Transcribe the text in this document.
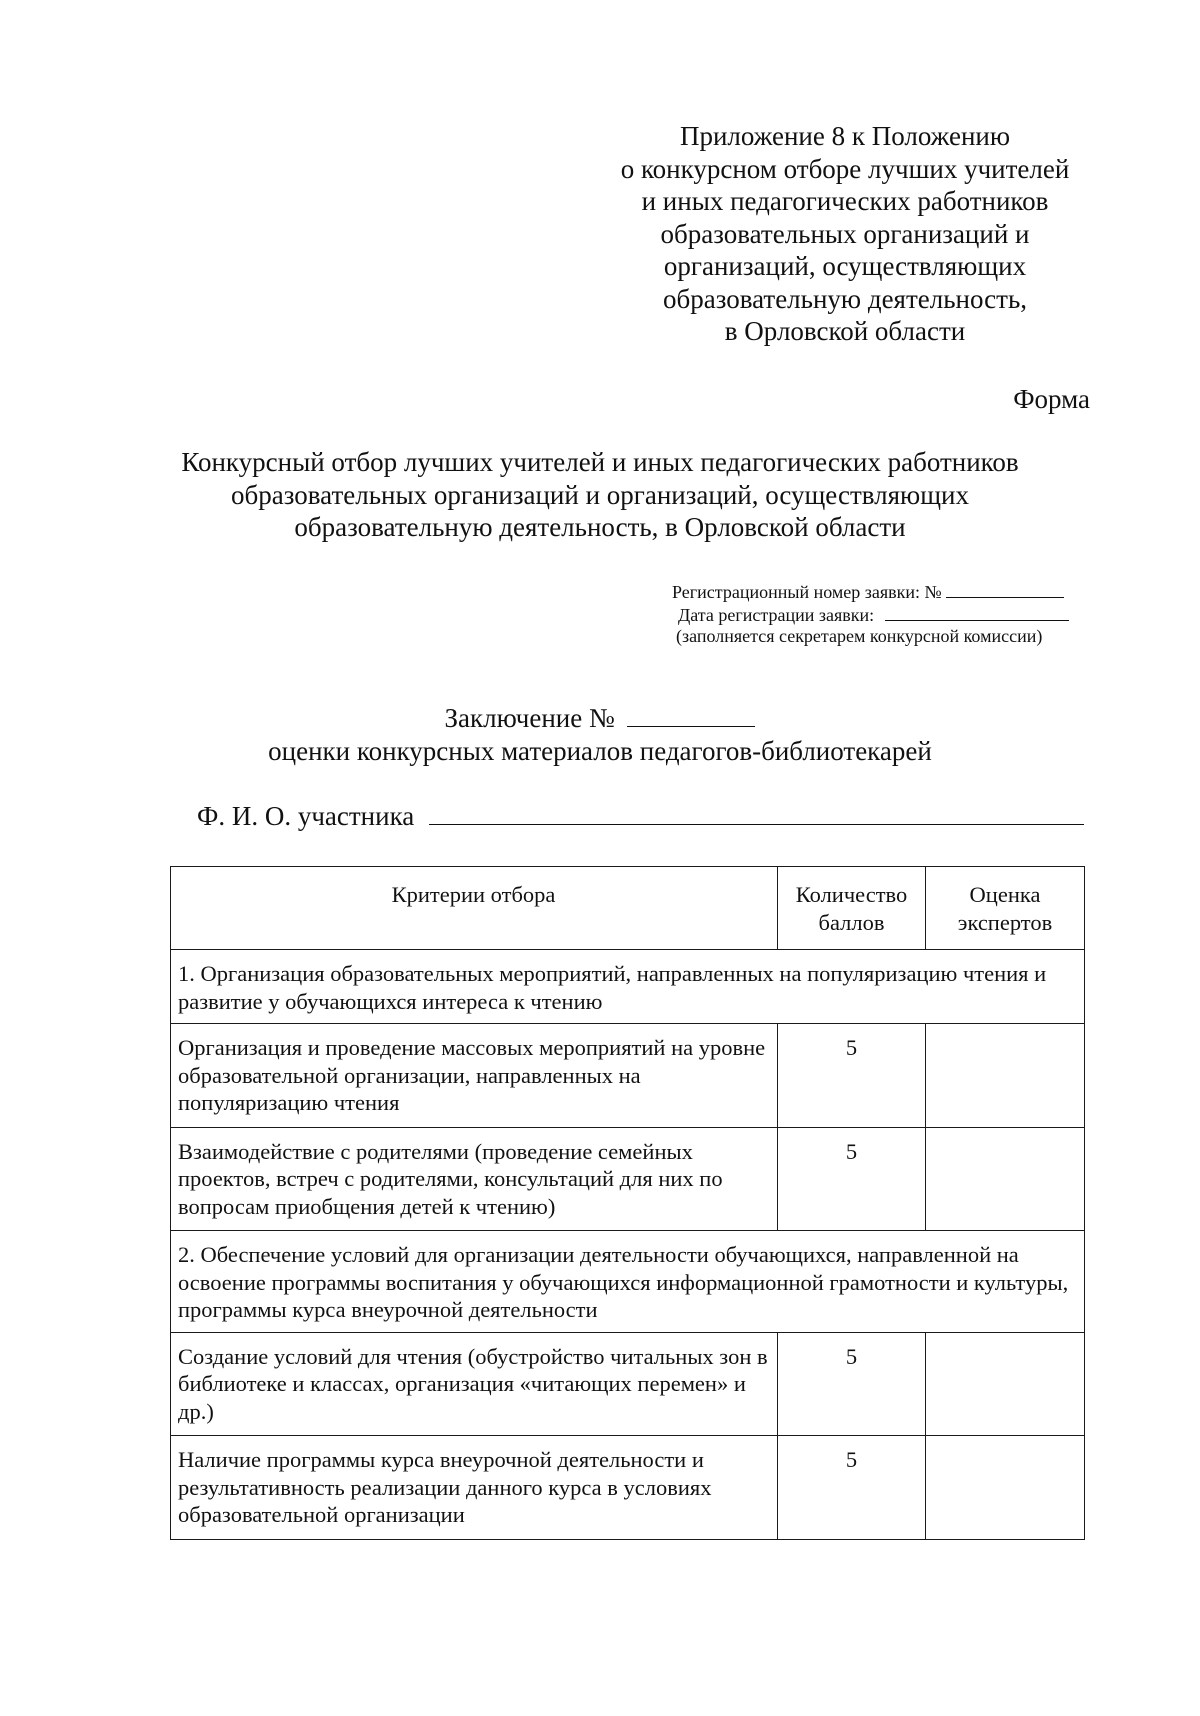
Приложение 8 к Положению
о конкурсном отборе лучших учителей
и иных педагогических работников
образовательных организаций и
организаций, осуществляющих
образовательную деятельность,
в Орловской области
Форма
Конкурсный отбор лучших учителей и иных педагогических работников
образовательных организаций и организаций, осуществляющих
образовательную деятельность, в Орловской области
Регистрационный номер заявки: №
Дата регистрации заявки:
(заполняется секретарем конкурсной комиссии)
Заключение №
оценки конкурсных материалов педагогов-библиотекарей
Ф. И. О. участника
Критерии отбора	Количество баллов	Оценка экспертов
1. Организация образовательных мероприятий, направленных на популяризацию чтения и развитие у обучающихся интереса к чтению		
Организация и проведение массовых мероприятий на уровне образовательной организации, направленных на популяризацию чтения	5	
Взаимодействие с родителями (проведение семейных проектов, встреч с родителями, консультаций для них по вопросам приобщения детей к чтению)	5	
2. Обеспечение условий для организации деятельности обучающихся, направленной на освоение программы воспитания у обучающихся информационной грамотности и культуры, программы курса внеурочной деятельности		
Создание условий для чтения (обустройство читальных зон в библиотеке и классах, организация «читающих перемен» и др.)	5	
Наличие программы курса внеурочной деятельности и результативность реализации данного курса в условиях образовательной организации	5	
